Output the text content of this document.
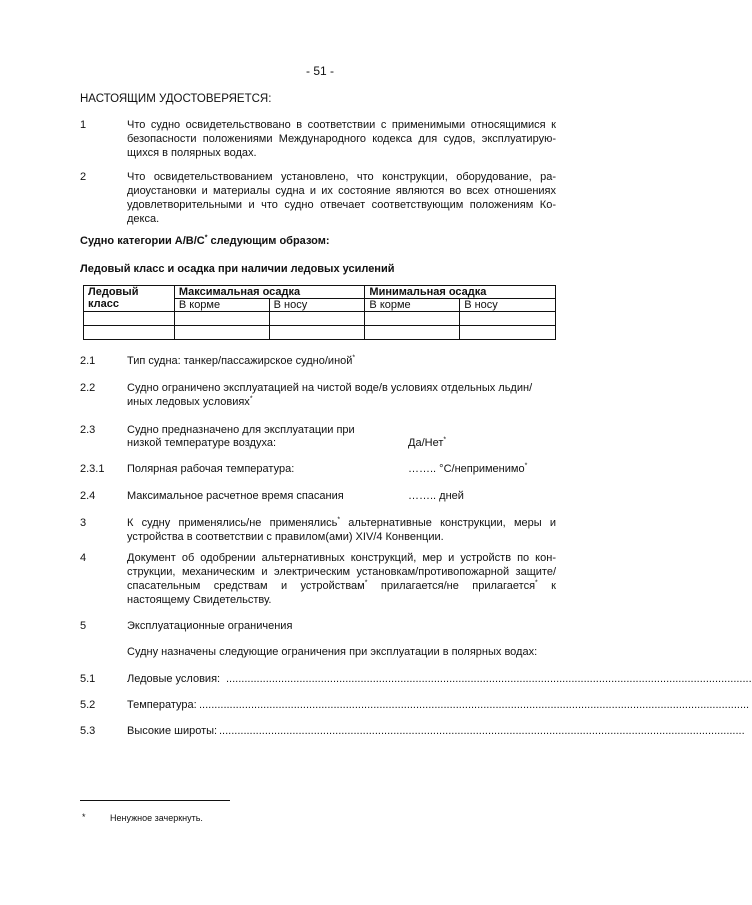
- 51 -
НАСТОЯЩИМ УДОСТОВЕРЯЕТСЯ:
1	Что судно освидетельствовано в соответствии с применимыми относящимися к безопасности положениями Международного кодекса для судов, эксплуатирующихся в полярных водах.
2	Что освидетельствованием установлено, что конструкции, оборудование, радиоустановки и материалы судна и их состояние являются во всех отношениях удовлетворительными и что судно отвечает соответствующим положениям Кодекса.
Судно категории A/B/C* следующим образом:
Ледовый класс и осадка при наличии ледовых усилений
Ледовый класс	Максимальная осадка		Минимальная осадка	
	В корме	В носу	В корме	В носу

2.1	Тип судна: танкер/пассажирское судно/иной*
2.2	Судно ограничено эксплуатацией на чистой воде/в условиях отдельных льдин/
иных ледовых условиях*
2.3	Судно предназначено для эксплуатации при
низкой температуре воздуха:	Да/Нет*
2.3.1 Полярная рабочая температура:	…….. °C/неприменимо*
2.4	Максимальное расчетное время спасания	…….. дней
3	К судну применялись/не применялись* альтернативные конструкции, меры и устройства в соответствии с правилом(ами) XIV/4 Конвенции.
4	Документ об одобрении альтернативных конструкций, мер и устройств по конструкции, механическим и электрическим установкам/противопожарной защите/спасательным средствам и устройствам* прилагается/не прилагается* к настоящему Свидетельству.
5	Эксплуатационные ограничения
Судну назначены следующие ограничения при эксплуатации в полярных водах:
5.1	Ледовые условия: ............................................................................................................................................................................
5.2	Температура: ....................................................................................................................................................................................
5.3	Высокие широты: ............................................................................................................................................................................
*	Ненужное зачеркнуть.
